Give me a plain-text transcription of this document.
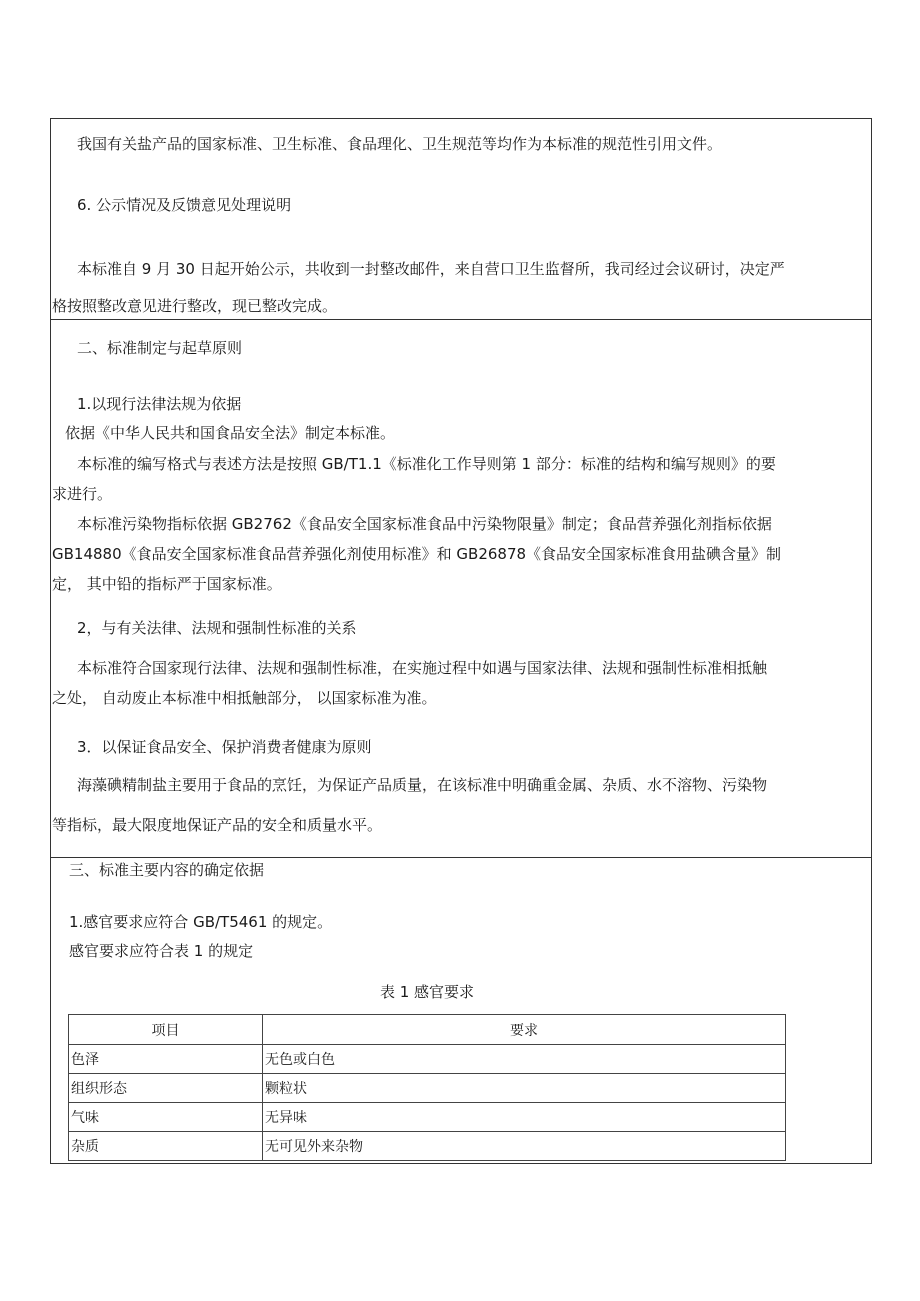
我国有关盐产品的国家标准、卫生标准、食品理化、卫生规范等均作为本标准的规范性引用文件。
6. 公示情况及反馈意见处理说明
本标准自 9 月 30 日起开始公示，共收到一封整改邮件，来自营口卫生监督所，我司经过会议研讨，决定严
格按照整改意见进行整改，现已整改完成。
二、标准制定与起草原则
1.以现行法律法规为依据
依据《中华人民共和国食品安全法》制定本标准。
本标准的编写格式与表述方法是按照 GB/T1.1《标准化工作导则第 1 部分：标准的结构和编写规则》的要
求进行。
本标准污染物指标依据 GB2762《食品安全国家标准食品中污染物限量》制定；食品营养强化剂指标依据
GB14880《食品安全国家标准食品营养强化剂使用标准》和 GB26878《食品安全国家标准食用盐碘含量》制
定， 其中铅的指标严于国家标准。
2，与有关法律、法规和强制性标准的关系
本标准符合国家现行法律、法规和强制性标准，在实施过程中如遇与国家法律、法规和强制性标准相抵触
之处， 自动废止本标准中相抵触部分， 以国家标准为准。
3．以保证食品安全、保护消费者健康为原则
海藻碘精制盐主要用于食品的烹饪，为保证产品质量，在该标准中明确重金属、杂质、水不溶物、污染物
等指标，最大限度地保证产品的安全和质量水平。
三、标准主要内容的确定依据
1.感官要求应符合 GB/T5461 的规定。
感官要求应符合表 1 的规定
表 1 感官要求
项目	要求
色泽	无色或白色
组织形态	颗粒状
气味	无异味
杂质	无可见外来杂物
